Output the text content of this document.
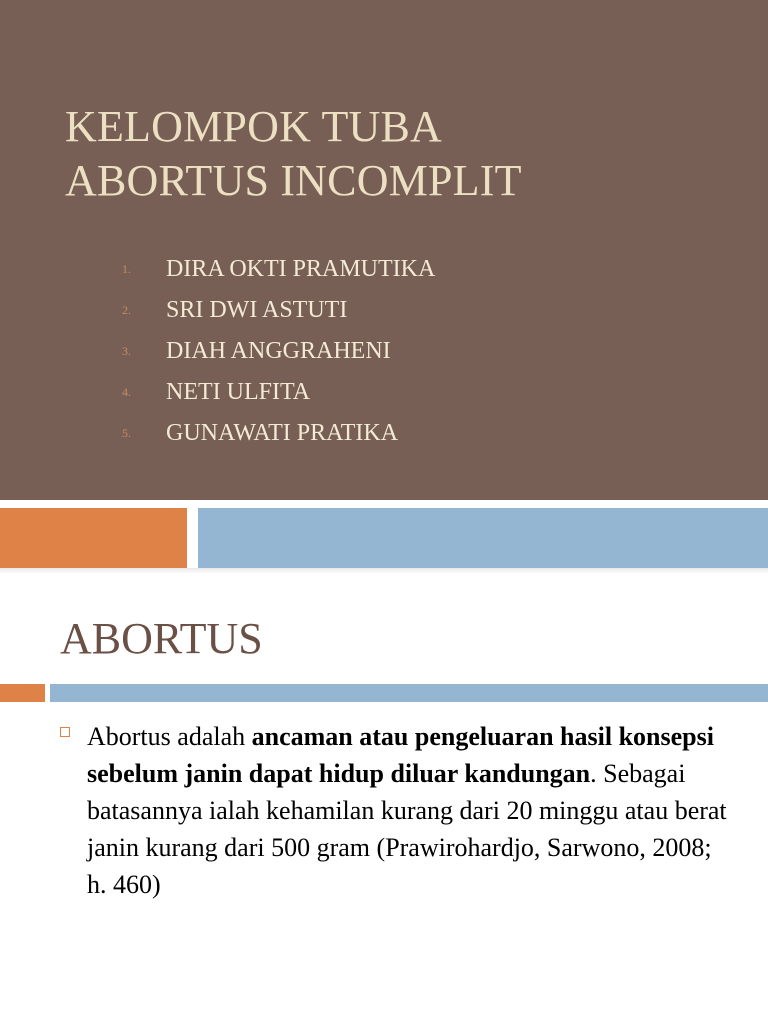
KELOMPOK TUBA
ABORTUS INCOMPLIT
1. DIRA OKTI PRAMUTIKA
2. SRI DWI ASTUTI
3. DIAH ANGGRAHENI
4. NETI ULFITA
5. GUNAWATI PRATIKA
ABORTUS

Abortus adalah ancaman atau pengeluaran hasil konsepsi sebelum janin dapat hidup diluar kandungan. Sebagai batasannya ialah kehamilan kurang dari 20 minggu atau berat janin kurang dari 500 gram (Prawirohardjo, Sarwono, 2008; h. 460)
